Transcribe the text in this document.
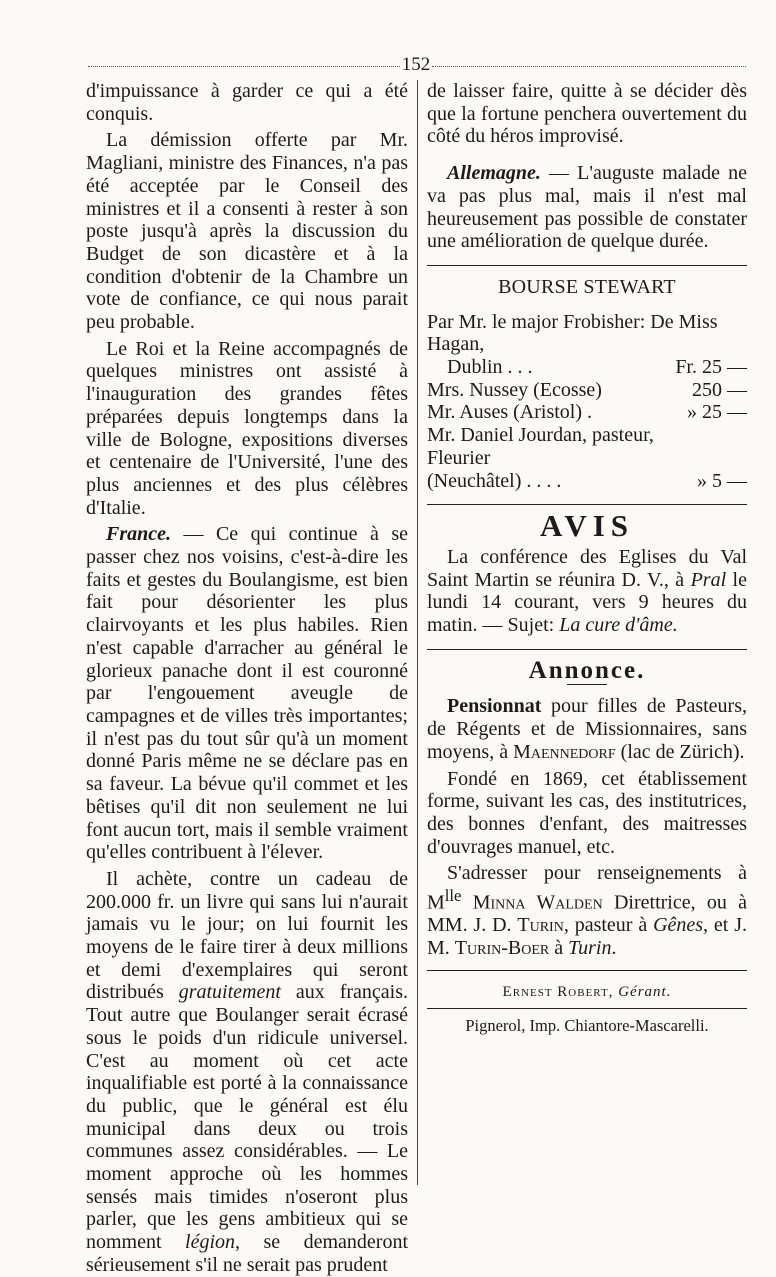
152

d'impuissance à garder ce qui a été conquis.

La démission offerte par Mr. Magliani, ministre des Finances, n'a pas été acceptée par le Conseil des ministres et il a consenti à rester à son poste jusqu'à après la discussion du Budget de son dicastère et à la condition d'obtenir de la Chambre un vote de confiance, ce qui nous parait peu probable.

Le Roi et la Reine accompagnés de quelques ministres ont assisté à l'inauguration des grandes fêtes préparées depuis longtemps dans la ville de Bologne, expositions diverses et centenaire de l'Université, l'une des plus anciennes et des plus célèbres d'Italie.

France. — Ce qui continue à se passer chez nos voisins, c'est-à-dire les faits et gestes du Boulangisme, est bien fait pour désorienter les plus clairvoyants et les plus habiles. Rien n'est capable d'arracher au général le glorieux panache dont il est couronné par l'engouement aveugle de campagnes et de villes très importantes; il n'est pas du tout sûr qu'à un moment donné Paris même ne se déclare pas en sa faveur. La bévue qu'il commet et les bêtises qu'il dit non seulement ne lui font aucun tort, mais il semble vraiment qu'elles contribuent à l'élever.

Il achète, contre un cadeau de 200.000 fr. un livre qui sans lui n'aurait jamais vu le jour; on lui fournit les moyens de le faire tirer à deux millions et demi d'exemplaires qui seront distribués gratuitement aux français. Tout autre que Boulanger serait écrasé sous le poids d'un ridicule universel. C'est au moment où cet acte inqualifiable est porté à la connaissance du public, que le général est élu municipal dans deux ou trois communes assez considérables. — Le moment approche où les hommes sensés mais timides n'oseront plus parler, que les gens ambitieux qui se nomment légion, se demanderont sérieusement s'il ne serait pas prudent

de laisser faire, quitte à se décider dès que la fortune penchera ouvertement du côté du héros improvisé.

Allemagne. — L'auguste malade ne va pas plus mal, mais il n'est mal heureusement pas possible de constater une amélioration de quelque durée.

BOURSE STEWART

Par Mr. le major Frobisher: De Miss Hagan,

Dublin . . .	Fr. 25 —
Mrs. Nussey (Ecosse)	250 —
Mr. Auses (Aristol) .	» 25 —

Mr. Daniel Jourdan, pasteur, Fleurier

(Neuchâtel) . . . .	» 5 —
AVIS

La conférence des Eglises du Val Saint Martin se réunira D. V., à Pral le lundi 14 courant, vers 9 heures du matin. — Sujet: La cure d'âme.

Annonce.

Pensionnat pour filles de Pasteurs, de Régents et de Missionnaires, sans moyens, à Maennedorf (lac de Zürich).

Fondé en 1869, cet établissement forme, suivant les cas, des institutrices, des bonnes d'enfant, des maitresses d'ouvrages manuel, etc.

S'adresser pour renseignements à $M^{lle}$ Minna Walden Direttrice, ou à MM. J. D. Turin, pasteur à Gênes, et J. M. Turin-Boer à Turin.

Ernest Robert, Gérant.
Pignerol, Imp. Chiantore-Mascarelli.
